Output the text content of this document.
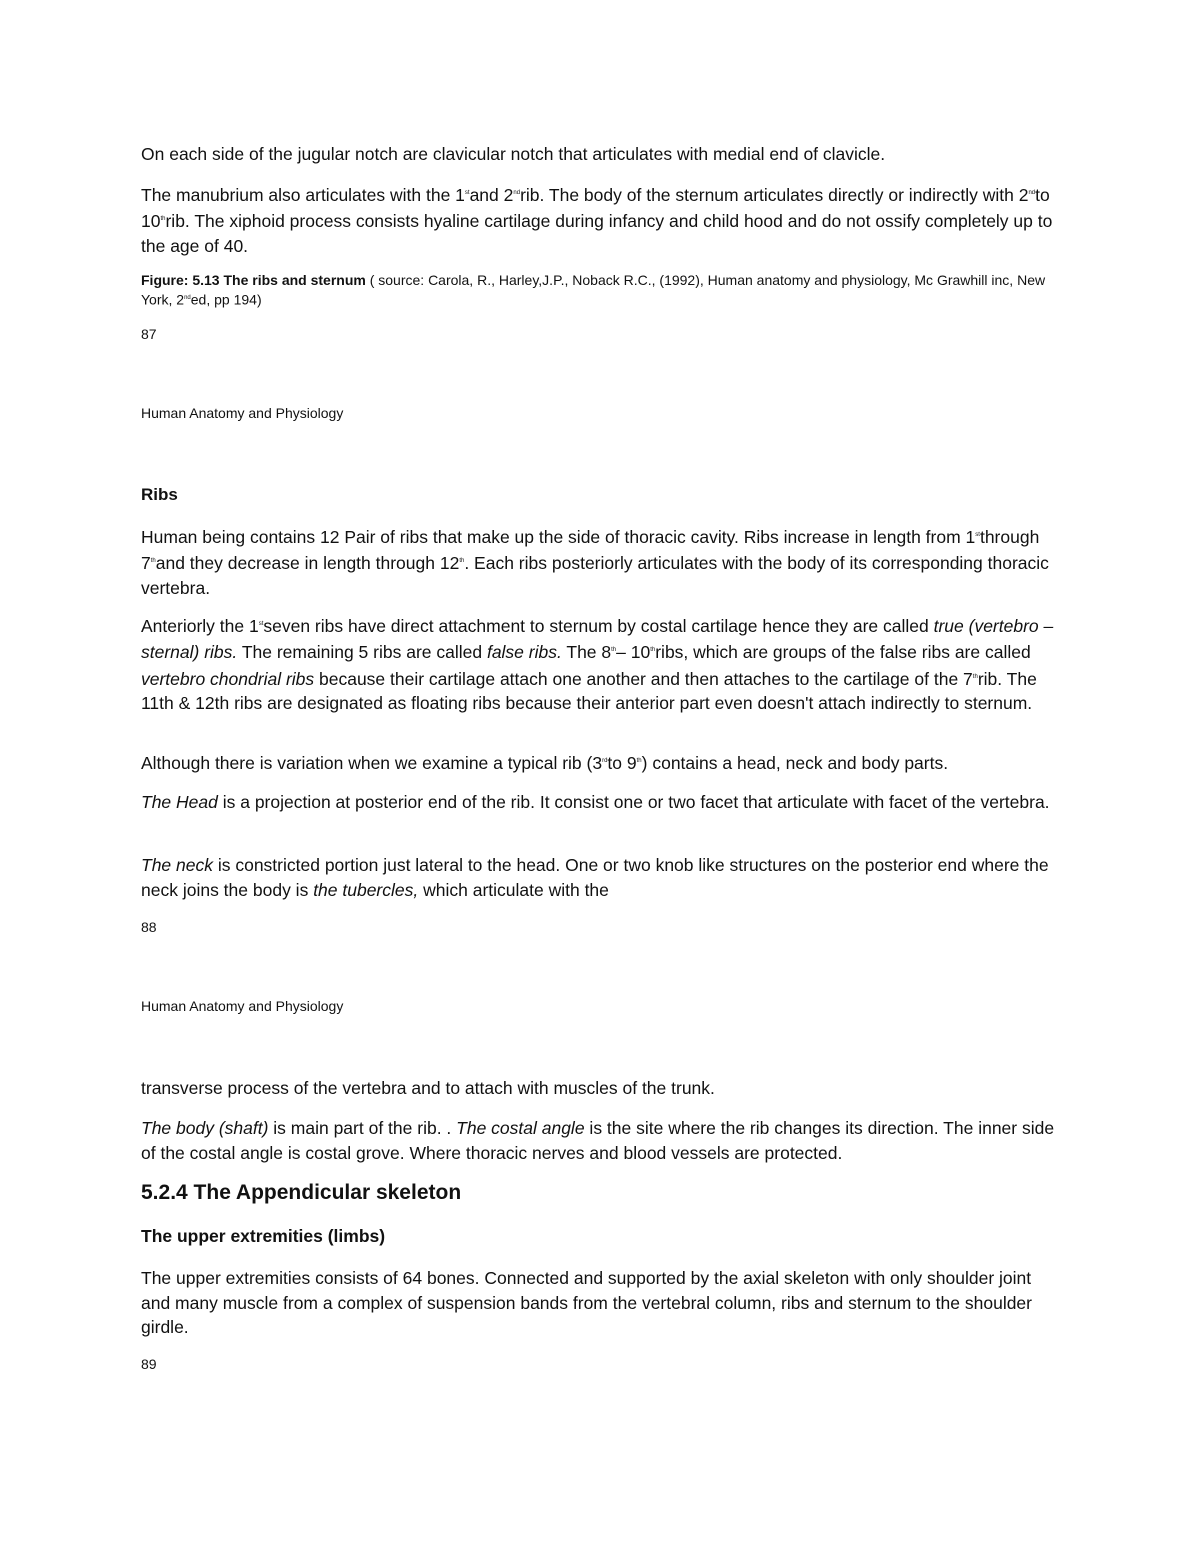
On each side of the jugular notch are clavicular notch that articulates with medial end of clavicle.

The manubrium also articulates with the 1stand 2ndrib. The body of the sternum articulates directly or indirectly with 2ndto 10thrib. The xiphoid process consists hyaline cartilage during infancy and child hood and do not ossify completely up to the age of 40.

Figure: 5.13 The ribs and sternum ( source: Carola, R., Harley,J.P., Noback R.C., (1992), Human anatomy and physiology, Mc Grawhill inc, New York, 2nded, pp 194)

87

Human Anatomy and Physiology

Ribs

Human being contains 12 Pair of ribs that make up the side of thoracic cavity. Ribs increase in length from 1stthrough 7thand they decrease in length through 12th. Each ribs posteriorly articulates with the body of its corresponding thoracic vertebra.

Anteriorly the 1stseven ribs have direct attachment to sternum by costal cartilage hence they are called true (vertebro – sternal) ribs. The remaining 5 ribs are called false ribs. The 8th– 10thribs, which are groups of the false ribs are called vertebro chondrial ribs because their cartilage attach one another and then attaches to the cartilage of the 7thrib. The 11th & 12th ribs are designated as floating ribs because their anterior part even doesn't attach indirectly to sternum.

Although there is variation when we examine a typical rib (3rdto 9th) contains a head, neck and body parts.

The Head is a projection at posterior end of the rib. It consist one or two facet that articulate with facet of the vertebra.

The neck is constricted portion just lateral to the head. One or two knob like structures on the posterior end where the neck joins the body is the tubercles, which articulate with the

88

Human Anatomy and Physiology

transverse process of the vertebra and to attach with muscles of the trunk.

The body (shaft) is main part of the rib. . The costal angle is the site where the rib changes its direction. The inner side of the costal angle is costal grove. Where thoracic nerves and blood vessels are protected.

5.2.4 The Appendicular skeleton
The upper extremities (limbs)

The upper extremities consists of 64 bones. Connected and supported by the axial skeleton with only shoulder joint and many muscle from a complex of suspension bands from the vertebral column, ribs and sternum to the shoulder girdle.

89
